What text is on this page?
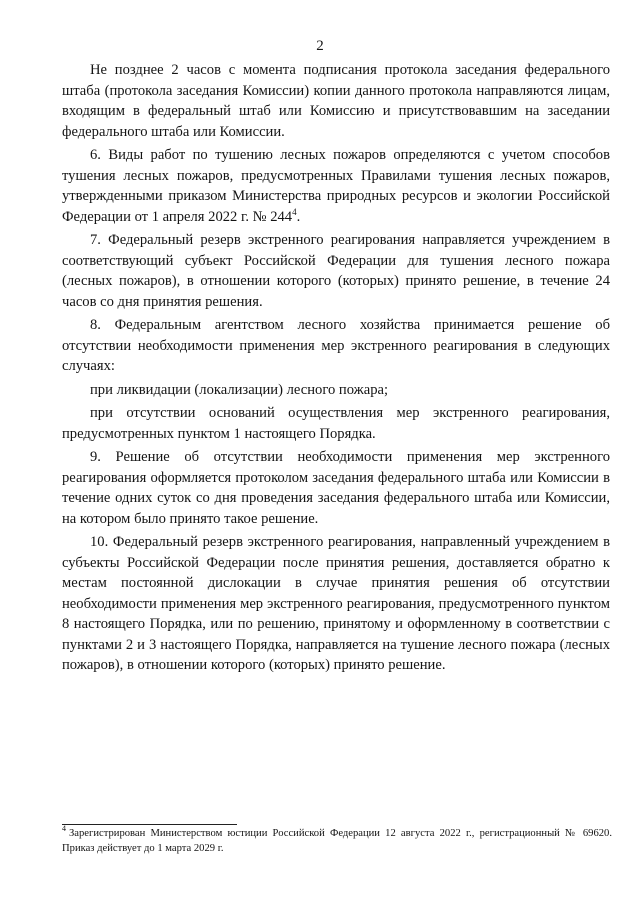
2

Не позднее 2 часов с момента подписания протокола заседания федерального штаба (протокола заседания Комиссии) копии данного протокола направляются лицам, входящим в федеральный штаб или Комиссию и присутствовавшим на заседании федерального штаба или Комиссии.

6. Виды работ по тушению лесных пожаров определяются с учетом способов тушения лесных пожаров, предусмотренных Правилами тушения лесных пожаров, утвержденными приказом Министерства природных ресурсов и экологии Российской Федерации от 1 апреля 2022 г. № $244^4$.

7. Федеральный резерв экстренного реагирования направляется учреждением в соответствующий субъект Российской Федерации для тушения лесного пожара (лесных пожаров), в отношении которого (которых) принято решение, в течение 24 часов со дня принятия решения.

8. Федеральным агентством лесного хозяйства принимается решение об отсутствии необходимости применения мер экстренного реагирования в следующих случаях:

при ликвидации (локализации) лесного пожара;

при отсутствии оснований осуществления мер экстренного реагирования, предусмотренных пунктом 1 настоящего Порядка.

9. Решение об отсутствии необходимости применения мер экстренного реагирования оформляется протоколом заседания федерального штаба или Комиссии в течение одних суток со дня проведения заседания федерального штаба или Комиссии, на котором было принято такое решение.

10. Федеральный резерв экстренного реагирования, направленный учреждением в субъекты Российской Федерации после принятия решения, доставляется обратно к местам постоянной дислокации в случае принятия решения об отсутствии необходимости применения мер экстренного реагирования, предусмотренного пунктом 8 настоящего Порядка, или по решению, принятому и оформленному в соответствии с пунктами 2 и 3 настоящего Порядка, направляется на тушение лесного пожара (лесных пожаров), в отношении которого (которых) принято решение.

$^4$ Зарегистрирован Министерством юстиции Российской Федерации 12 августа 2022 г., регистрационный № 69620. Приказ действует до 1 марта 2029 г.
